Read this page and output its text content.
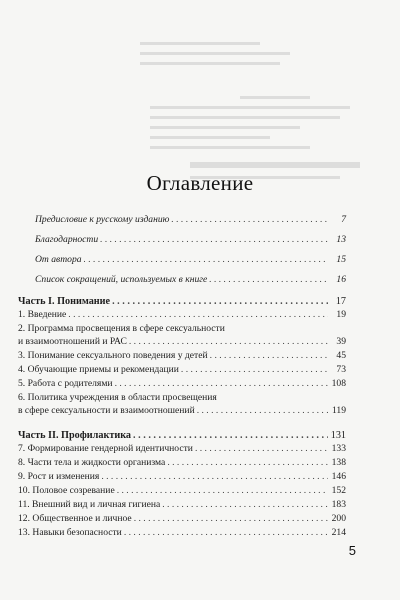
Оглавление
Предисловие к русскому изданию . . .	7
Благодарности . . .	13
От автора . . .	15
Список сокращений, используемых в книге . . .	16
Часть I. Понимание . . .	17
1. Введение . . .	19
2. Программа просвещения в сфере сексуальности
и взаимоотношений и РАС . . .	39
3. Понимание сексуального поведения у детей . . .	45
4. Обучающие приемы и рекомендации . . .	73
5. Работа с родителями . . .	108
6. Политика учреждения в области просвещения
в сфере сексуальности и взаимоотношений . . .	119
Часть II. Профилактика . . .	131
7. Формирование гендерной идентичности . . .	133
8. Части тела и жидкости организма . . .	138
9. Рост и изменения . . .	146
10. Половое созревание . . .	152
11. Внешний вид и личная гигиена . . .	183
12. Общественное и личное . . .	200
13. Навыки безопасности . . .	214
5
